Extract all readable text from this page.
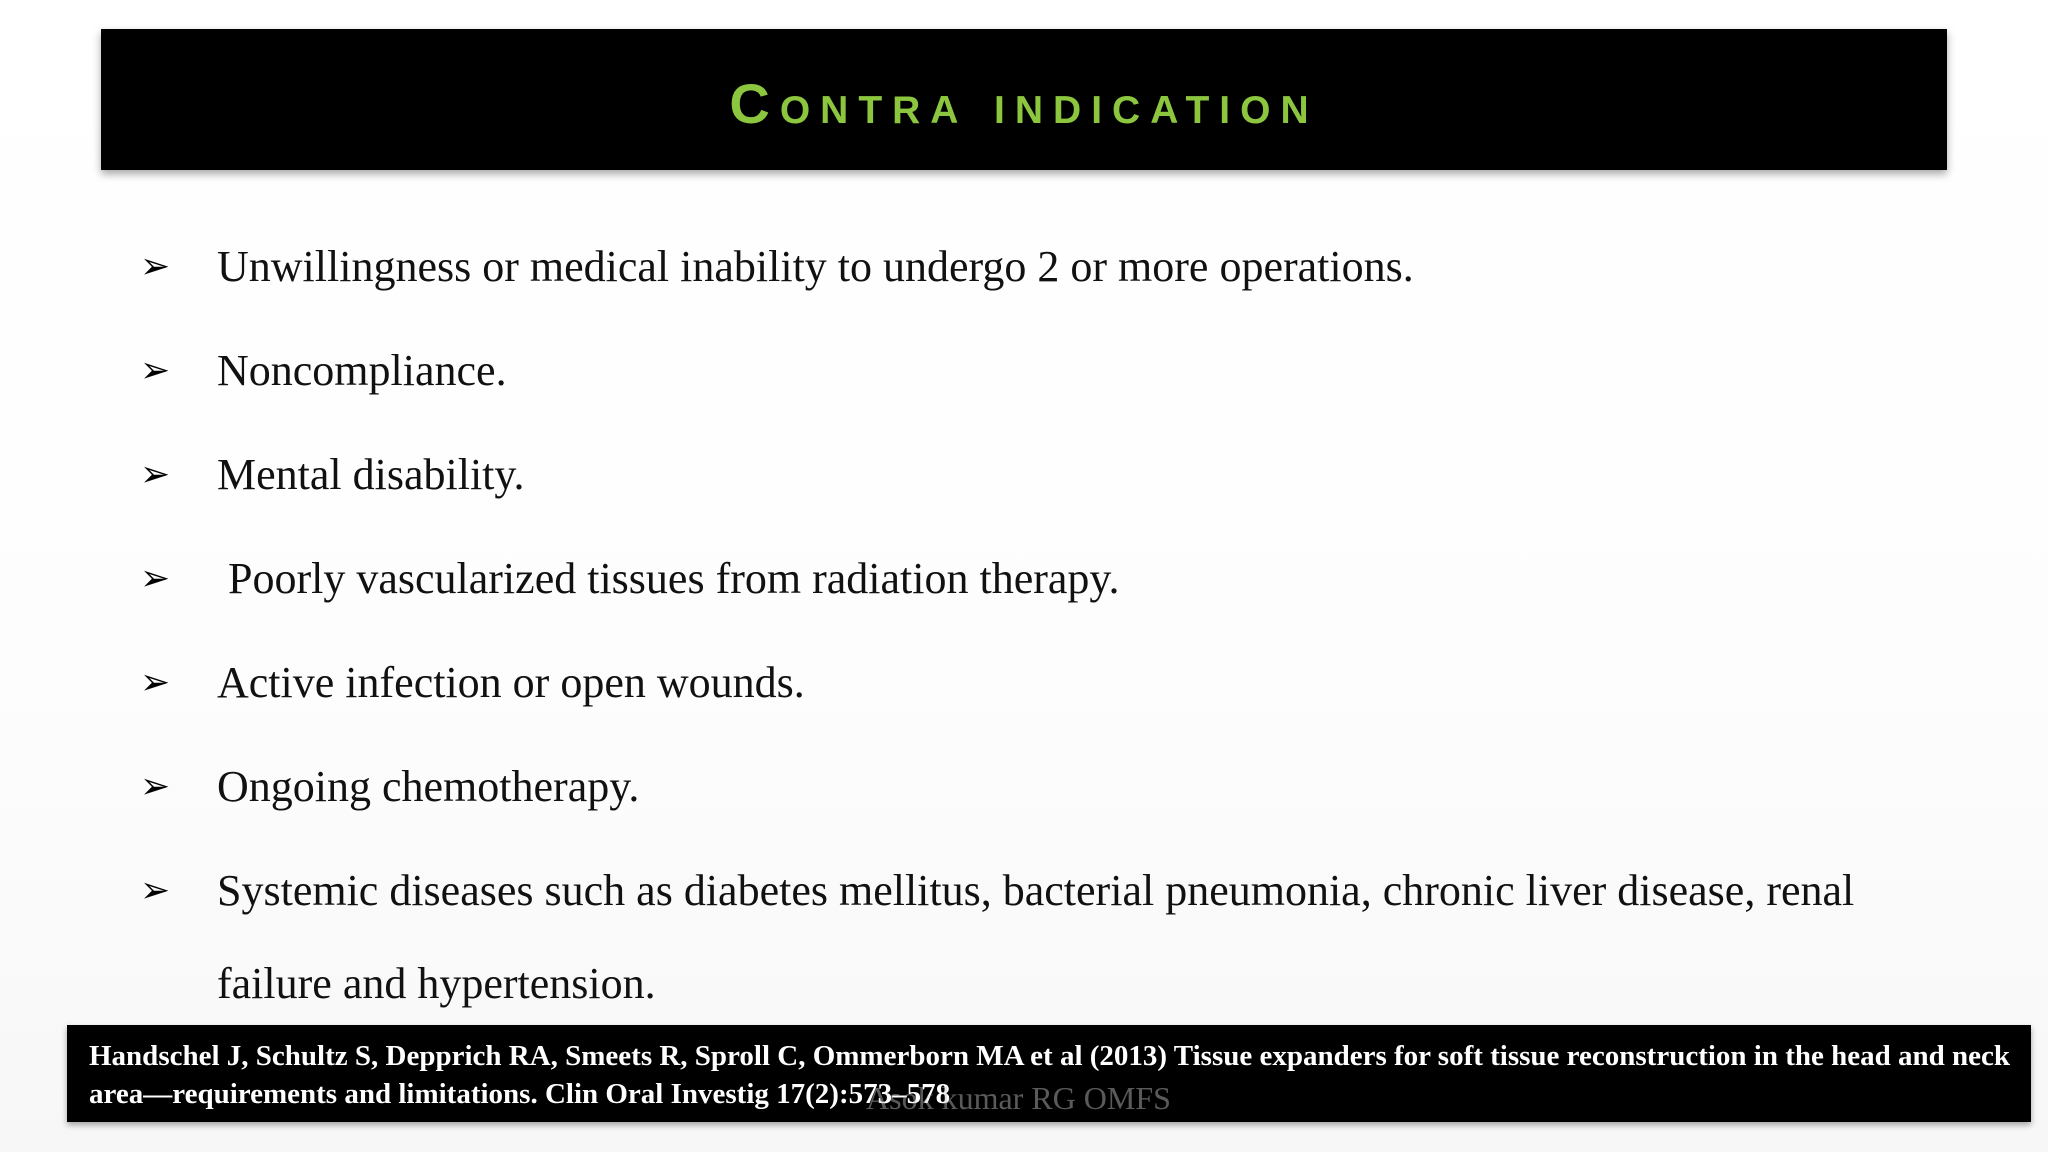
Contra indication
➢ Unwillingness or medical inability to undergo 2 or more operations.
➢ Noncompliance.
➢ Mental disability.
➢ Poorly vascularized tissues from radiation therapy.
➢ Active infection or open wounds.
➢ Ongoing chemotherapy.
➢ Systemic diseases such as diabetes mellitus, bacterial pneumonia, chronic liver disease, renal failure and hypertension.
Handschel J, Schultz S, Depprich RA, Smeets R, Sproll C, Ommerborn MA et al (2013) Tissue expanders for soft tissue reconstruction in the head and neck area—requirements and limitations. Clin Oral Investig 17(2):573–578
Asok kumar RG OMFS
